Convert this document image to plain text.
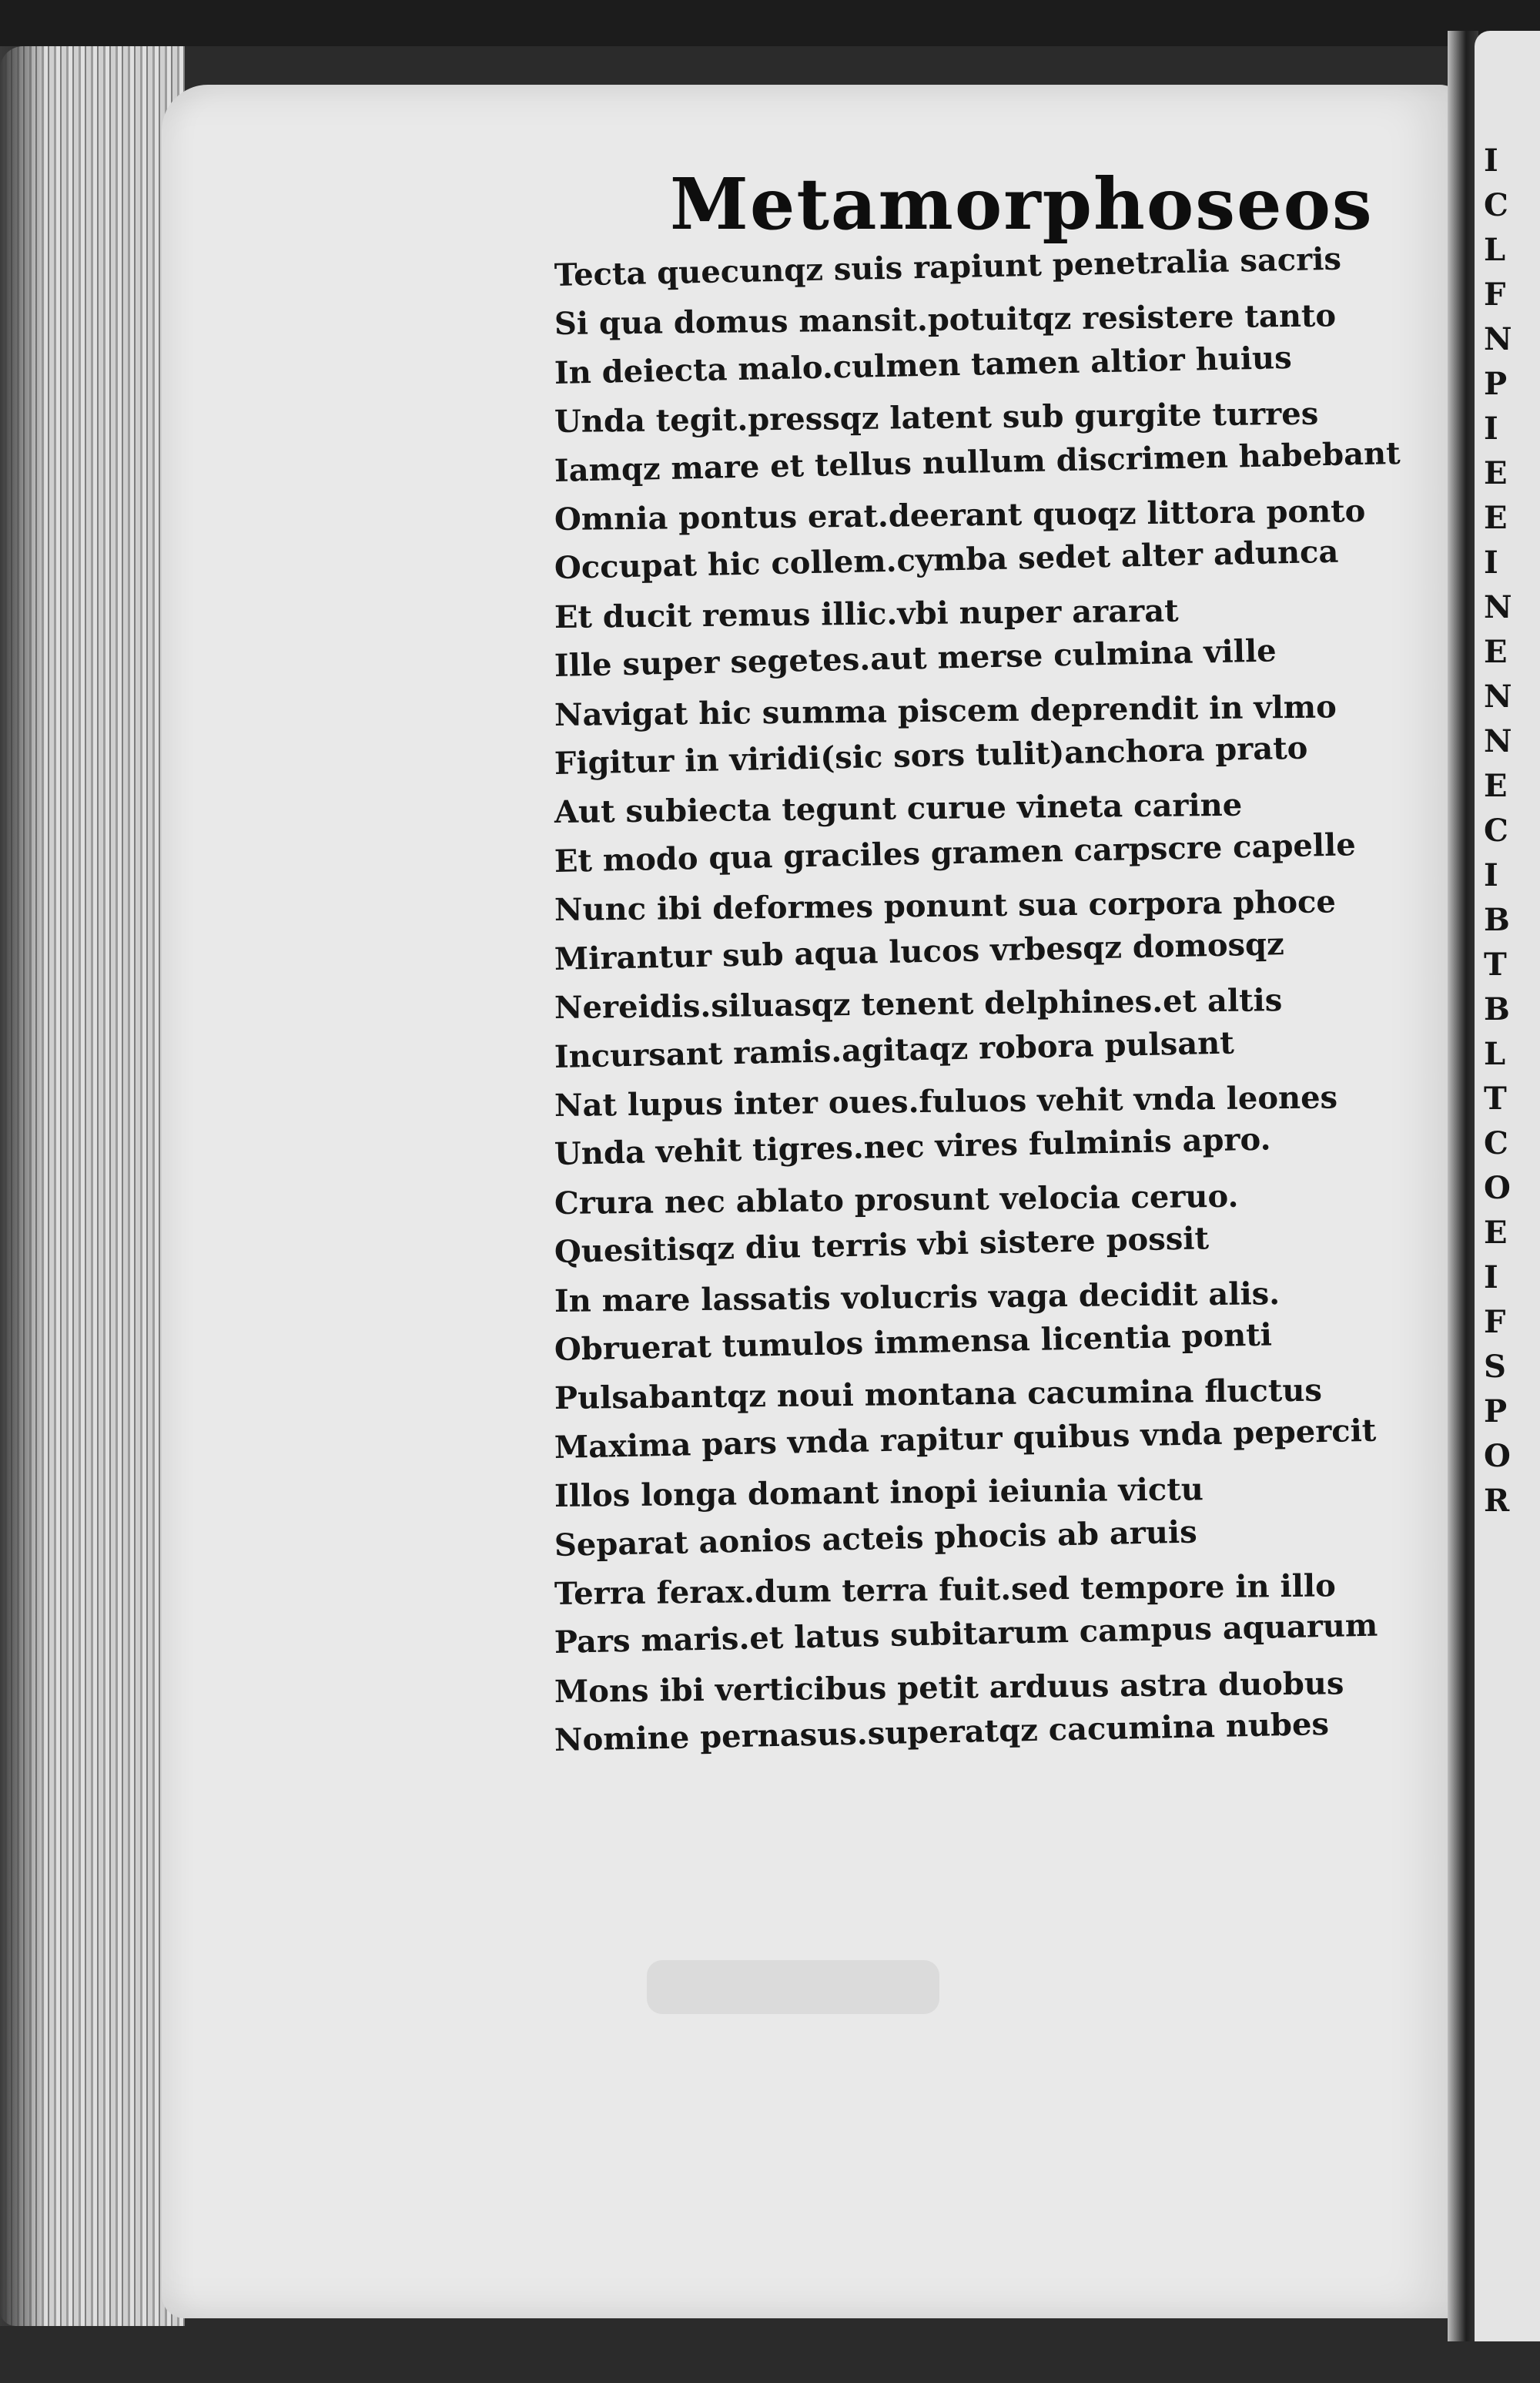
Metamorphoseos
Tecta quecunqz suis rapiunt penetralia sacris
Si qua domus mansit.potuitqz resistere tanto
In deiecta malo.culmen tamen altior huius
Unda tegit.pressqz latent sub gurgite turres
Iamqz mare et tellus nullum discrimen habebant
Omnia pontus erat.deerant quoqz littora ponto
Occupat hic collem.cymba sedet alter adunca
Et ducit remus illic.vbi nuper ararat
Ille super segetes.aut merse culmina ville
Navigat hic summa piscem deprendit in vlmo
Figitur in viridi(sic sors tulit)anchora prato
Aut subiecta tegunt curue vineta carine
Et modo qua graciles gramen carpscre capelle
Nunc ibi deformes ponunt sua corpora phoce
Mirantur sub aqua lucos vrbesqz domosqz
Nereidis.siluasqz tenent delphines.et altis
Incursant ramis.agitaqz robora pulsant
Nat lupus inter oues.fuluos vehit vnda leones
Unda vehit tigres.nec vires fulminis apro.
Crura nec ablato prosunt velocia ceruo.
Quesitisqz diu terris vbi sistere possit
In mare lassatis volucris vaga decidit alis.
Obruerat tumulos immensa licentia ponti
Pulsabantqz noui montana cacumina fluctus
Maxima pars vnda rapitur quibus vnda pepercit
Illos longa domant inopi ieiunia victu
Separat aonios acteis phocis ab aruis
Terra ferax.dum terra fuit.sed tempore in illo
Pars maris.et latus subitarum campus aquarum
Mons ibi verticibus petit arduus astra duobus
Nomine pernasus.superatqz cacumina nubes
I
C
L
F
N
P
I
E
E
I
N
E
N
N
E
C
I
B
T
B
L
T
C
O
E
I
F
S
P
O
R
